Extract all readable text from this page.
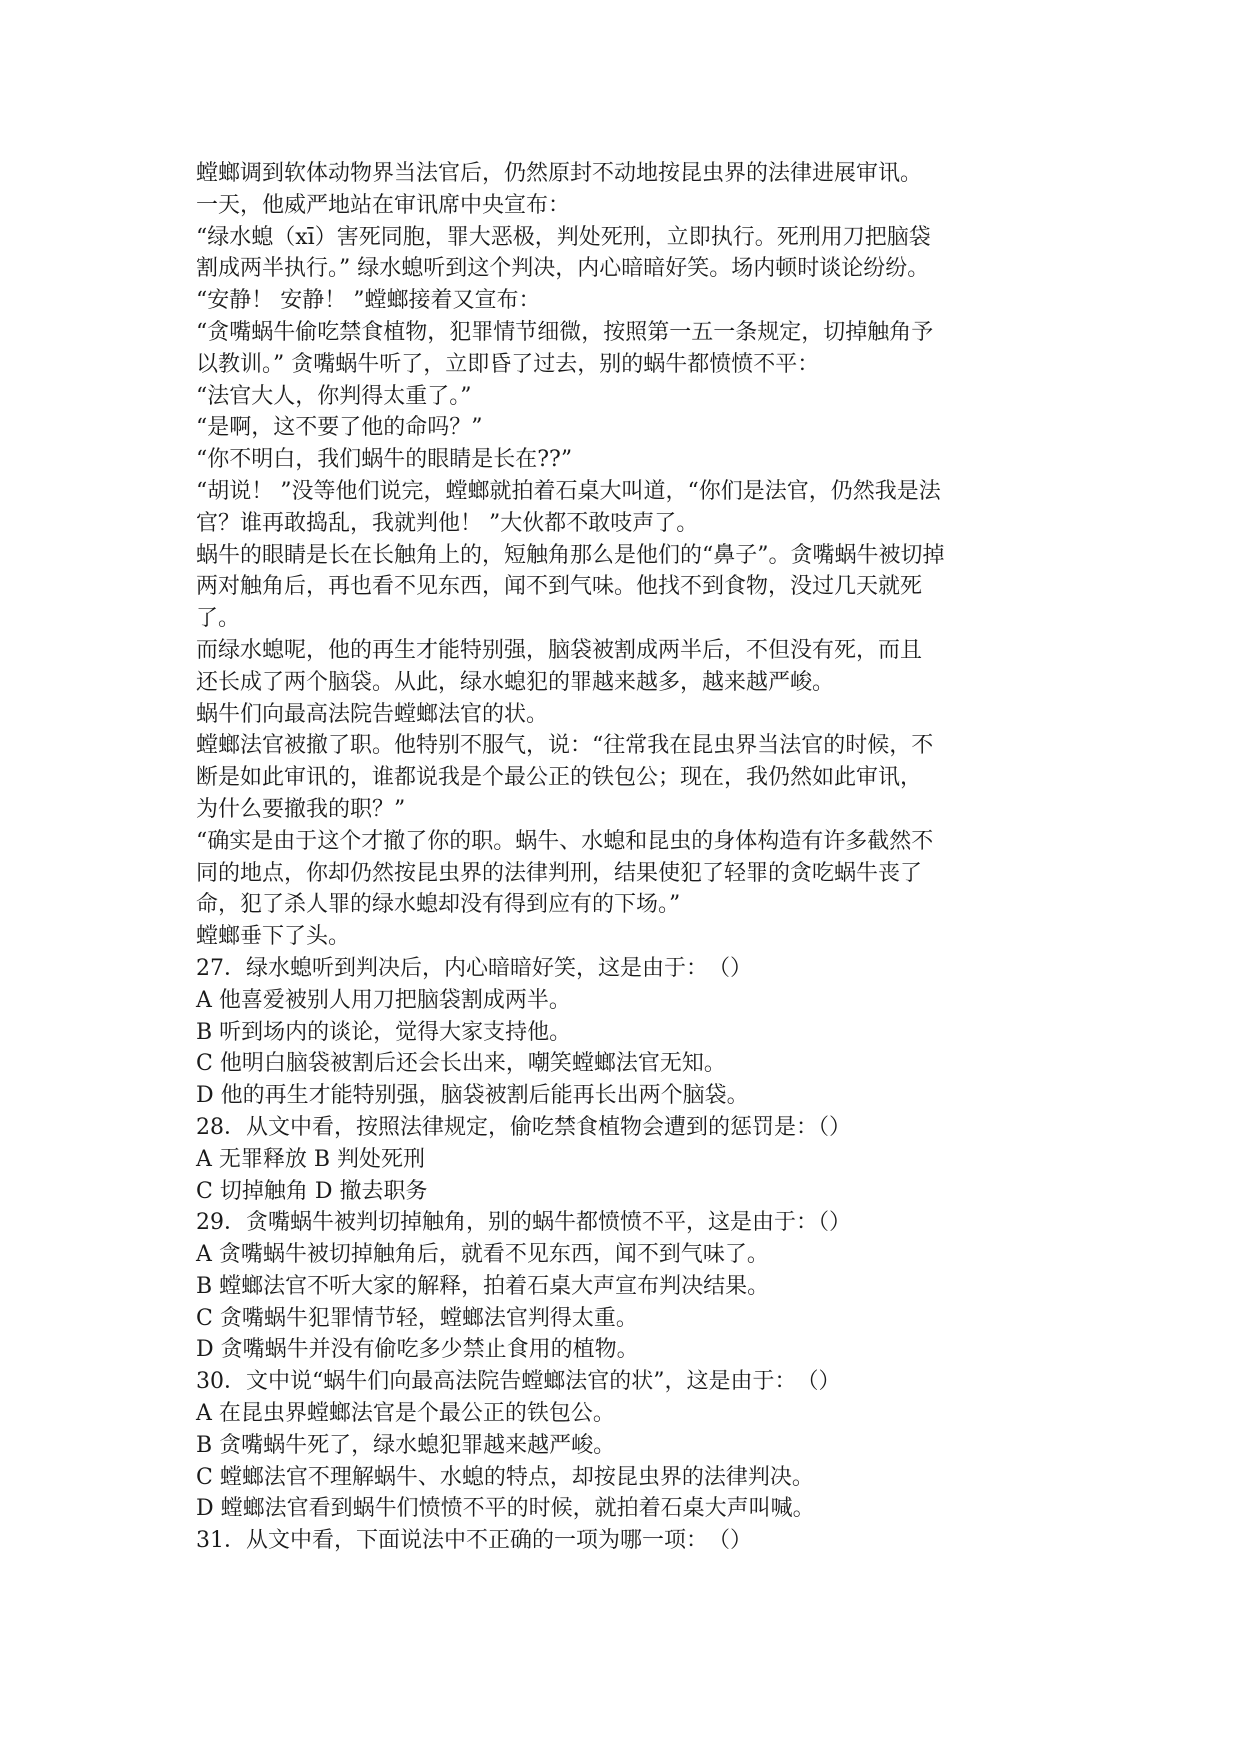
螳螂调到软体动物界当法官后，仍然原封不动地按昆虫界的法律进展审讯。
一天，他威严地站在审讯席中央宣布：
“绿水螅（xī）害死同胞，罪大恶极，判处死刑，立即执行。死刑用刀把脑袋
割成两半执行。” 绿水螅听到这个判决，内心暗暗好笑。场内顿时谈论纷纷。
“安静！ 安静！ ”螳螂接着又宣布：
“贪嘴蜗牛偷吃禁食植物，犯罪情节细微，按照第一五一条规定，切掉触角予
以教训。” 贪嘴蜗牛听了，立即昏了过去，别的蜗牛都愤愤不平：
“法官大人，你判得太重了。”
“是啊，这不要了他的命吗？”
“你不明白，我们蜗牛的眼睛是长在??”
“胡说！ ”没等他们说完，螳螂就拍着石桌大叫道，“你们是法官，仍然我是法
官？谁再敢捣乱，我就判他！ ”大伙都不敢吱声了。
蜗牛的眼睛是长在长触角上的，短触角那么是他们的“鼻子”。贪嘴蜗牛被切掉
两对触角后，再也看不见东西，闻不到气味。他找不到食物，没过几天就死
了。
而绿水螅呢，他的再生才能特别强，脑袋被割成两半后，不但没有死，而且
还长成了两个脑袋。从此，绿水螅犯的罪越来越多，越来越严峻。
蜗牛们向最高法院告螳螂法官的状。
螳螂法官被撤了职。他特别不服气，说：“往常我在昆虫界当法官的时候，不
断是如此审讯的，谁都说我是个最公正的铁包公；现在，我仍然如此审讯，
为什么要撤我的职？”
“确实是由于这个才撤了你的职。蜗牛、水螅和昆虫的身体构造有许多截然不
同的地点，你却仍然按昆虫界的法律判刑，结果使犯了轻罪的贪吃蜗牛丧了
命，犯了杀人罪的绿水螅却没有得到应有的下场。”
螳螂垂下了头。
27．绿水螅听到判决后，内心暗暗好笑，这是由于：　（）
A 他喜爱被别人用刀把脑袋割成两半。
B 听到场内的谈论，觉得大家支持他。
C 他明白脑袋被割后还会长出来，嘲笑螳螂法官无知。
D 他的再生才能特别强，脑袋被割后能再长出两个脑袋。
28．从文中看，按照法律规定，偷吃禁食植物会遭到的惩罚是：（）
A 无罪释放 B 判处死刑
C 切掉触角 D 撤去职务
29．贪嘴蜗牛被判切掉触角，别的蜗牛都愤愤不平，这是由于：（）
A 贪嘴蜗牛被切掉触角后，就看不见东西，闻不到气味了。
B 螳螂法官不听大家的解释，拍着石桌大声宣布判决结果。
C 贪嘴蜗牛犯罪情节轻，螳螂法官判得太重。
D 贪嘴蜗牛并没有偷吃多少禁止食用的植物。
30．文中说“蜗牛们向最高法院告螳螂法官的状”，这是由于：　（）
A 在昆虫界螳螂法官是个最公正的铁包公。
B 贪嘴蜗牛死了，绿水螅犯罪越来越严峻。
C 螳螂法官不理解蜗牛、水螅的特点，却按昆虫界的法律判决。
D 螳螂法官看到蜗牛们愤愤不平的时候，就拍着石桌大声叫喊。
31．从文中看，下面说法中不正确的一项为哪一项：　（）
